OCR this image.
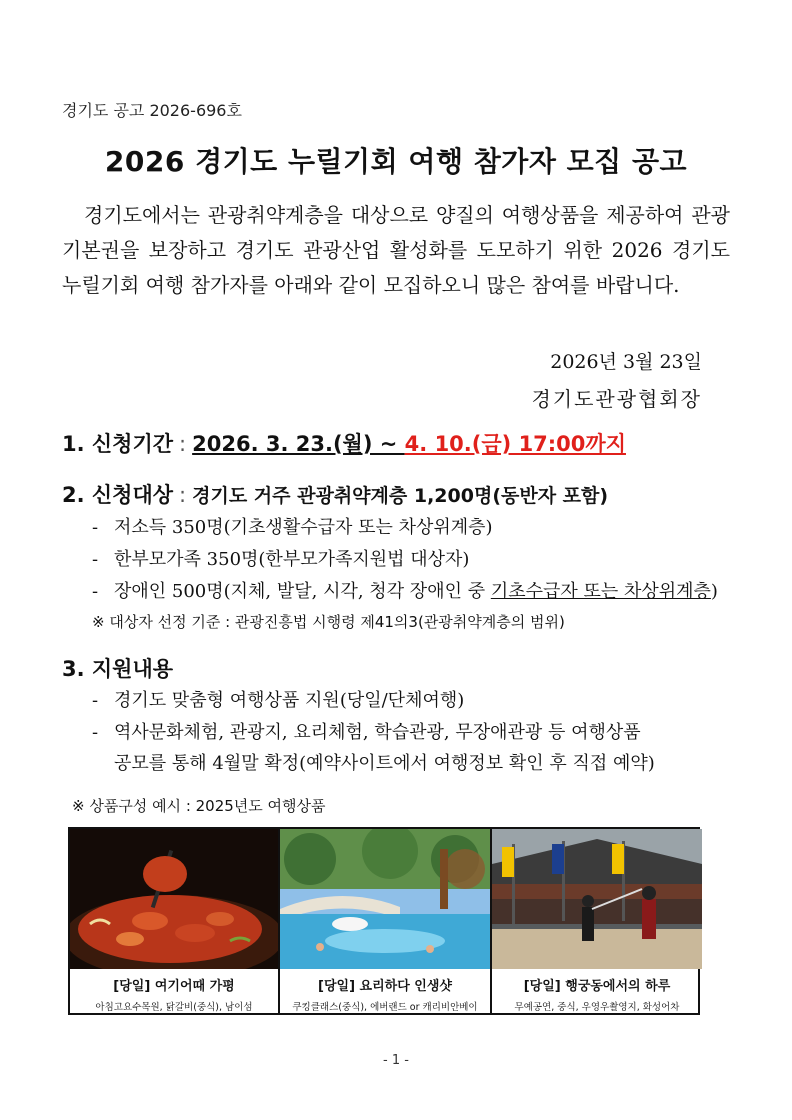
경기도 공고 2026-696호
2026 경기도 누릴기회 여행 참가자 모집 공고
경기도에서는 관광취약계층을 대상으로 양질의 여행상품을 제공하여 관광기본권을 보장하고 경기도 관광산업 활성화를 도모하기 위한 2026 경기도 누릴기회 여행 참가자를 아래와 같이 모집하오니 많은 참여를 바랍니다.
2026년 3월 23일
경기도관광협회장
1. 신청기간 : 2026. 3. 23.(월) ~ 4. 10.(금) 17:00까지
2. 신청대상 : 경기도 거주 관광취약계층 1,200명(동반자 포함)
- 저소득 350명(기초생활수급자 또는 차상위계층)
- 한부모가족 350명(한부모가족지원법 대상자)
- 장애인 500명(지체, 발달, 시각, 청각 장애인 중 기초수급자 또는 차상위계층)
※ 대상자 선정 기준 : 관광진흥법 시행령 제41의3(관광취약계층의 범위)
3. 지원내용
- 경기도 맞춤형 여행상품 지원(당일/단체여행)
- 역사문화체험, 관광지, 요리체험, 학습관광, 무장애관광 등 여행상품
공모를 통해 4월말 확정(예약사이트에서 여행정보 확인 후 직접 예약)
※ 상품구성 예시 : 2025년도 여행상품
[당일] 여기어때 가평
아침고요수목원, 닭갈비(중식), 남이섬
[당일] 요리하다 인생샷
쿠킹클래스(중식), 에버랜드 or 캐리비안베이
[당일] 행궁동에서의 하루
무예공연, 중식, 우영우촬영지, 화성어차
- 1 -
